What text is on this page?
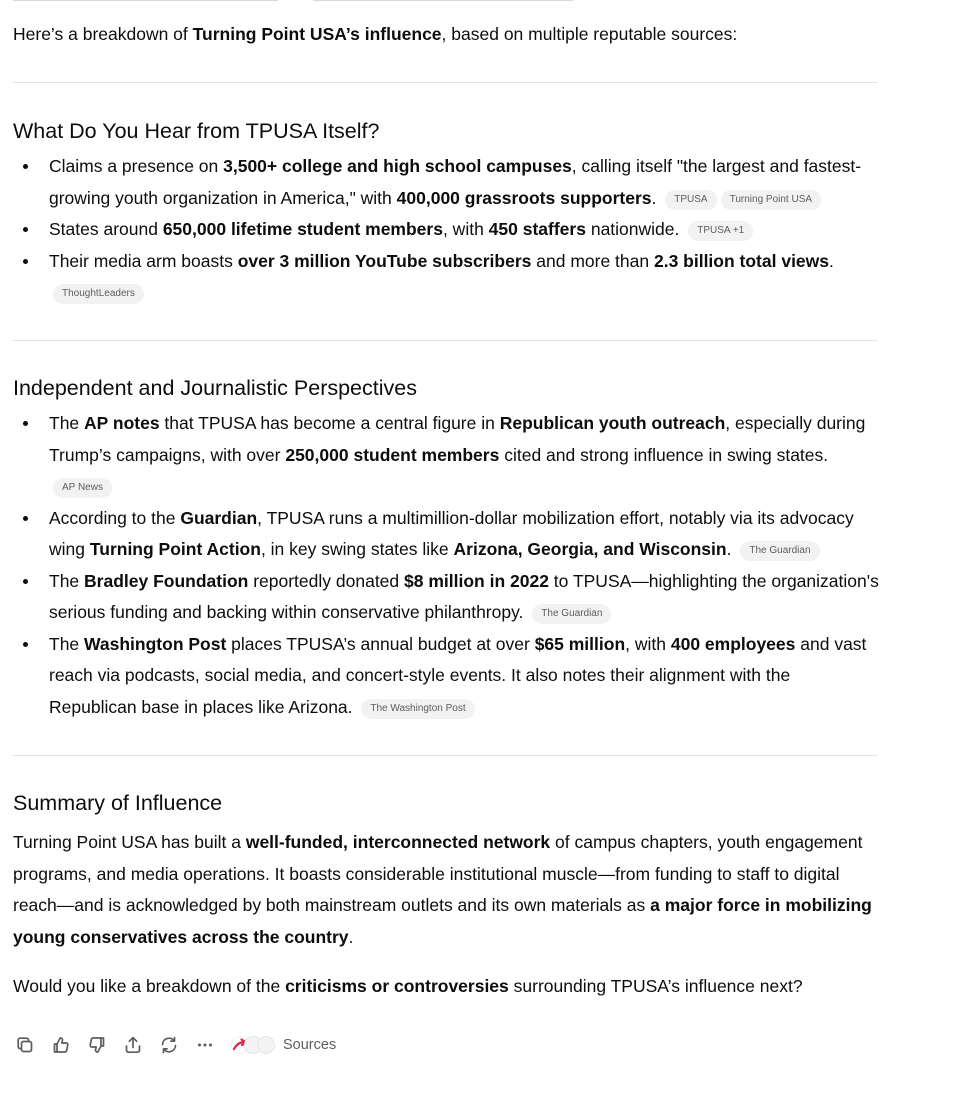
Here’s a breakdown of Turning Point USA’s influence, based on multiple reputable sources:

What Do You Hear from TPUSA Itself?
Claims a presence on 3,500+ college and high school campuses, calling itself "the largest and fastest-growing youth organization in America," with 400,000 grassroots supporters. TPUSA Turning Point USA
States around 650,000 lifetime student members, with 450 staffers nationwide. TPUSA +1
Their media arm boasts over 3 million YouTube subscribers and more than 2.3 billion total views.
ThoughtLeaders
Independent and Journalistic Perspectives
The AP notes that TPUSA has become a central figure in Republican youth outreach, especially during Trump’s campaigns, with over 250,000 student members cited and strong influence in swing states.
AP News
According to the Guardian, TPUSA runs a multimillion-dollar mobilization effort, notably via its advocacy wing Turning Point Action, in key swing states like Arizona, Georgia, and Wisconsin. The Guardian
The Bradley Foundation reportedly donated $8 million in 2022 to TPUSA—highlighting the organization's serious funding and backing within conservative philanthropy. The Guardian
The Washington Post places TPUSA’s annual budget at over $65 million, with 400 employees and vast reach via podcasts, social media, and concert-style events. It also notes their alignment with the Republican base in places like Arizona. The Washington Post
Summary of Influence

Turning Point USA has built a well-funded, interconnected network of campus chapters, youth engagement programs, and media operations. It boasts considerable institutional muscle—from funding to staff to digital reach—and is acknowledged by both mainstream outlets and its own materials as a major force in mobilizing young conservatives across the country.

Would you like a breakdown of the criticisms or controversies surrounding TPUSA’s influence next?

Sources
